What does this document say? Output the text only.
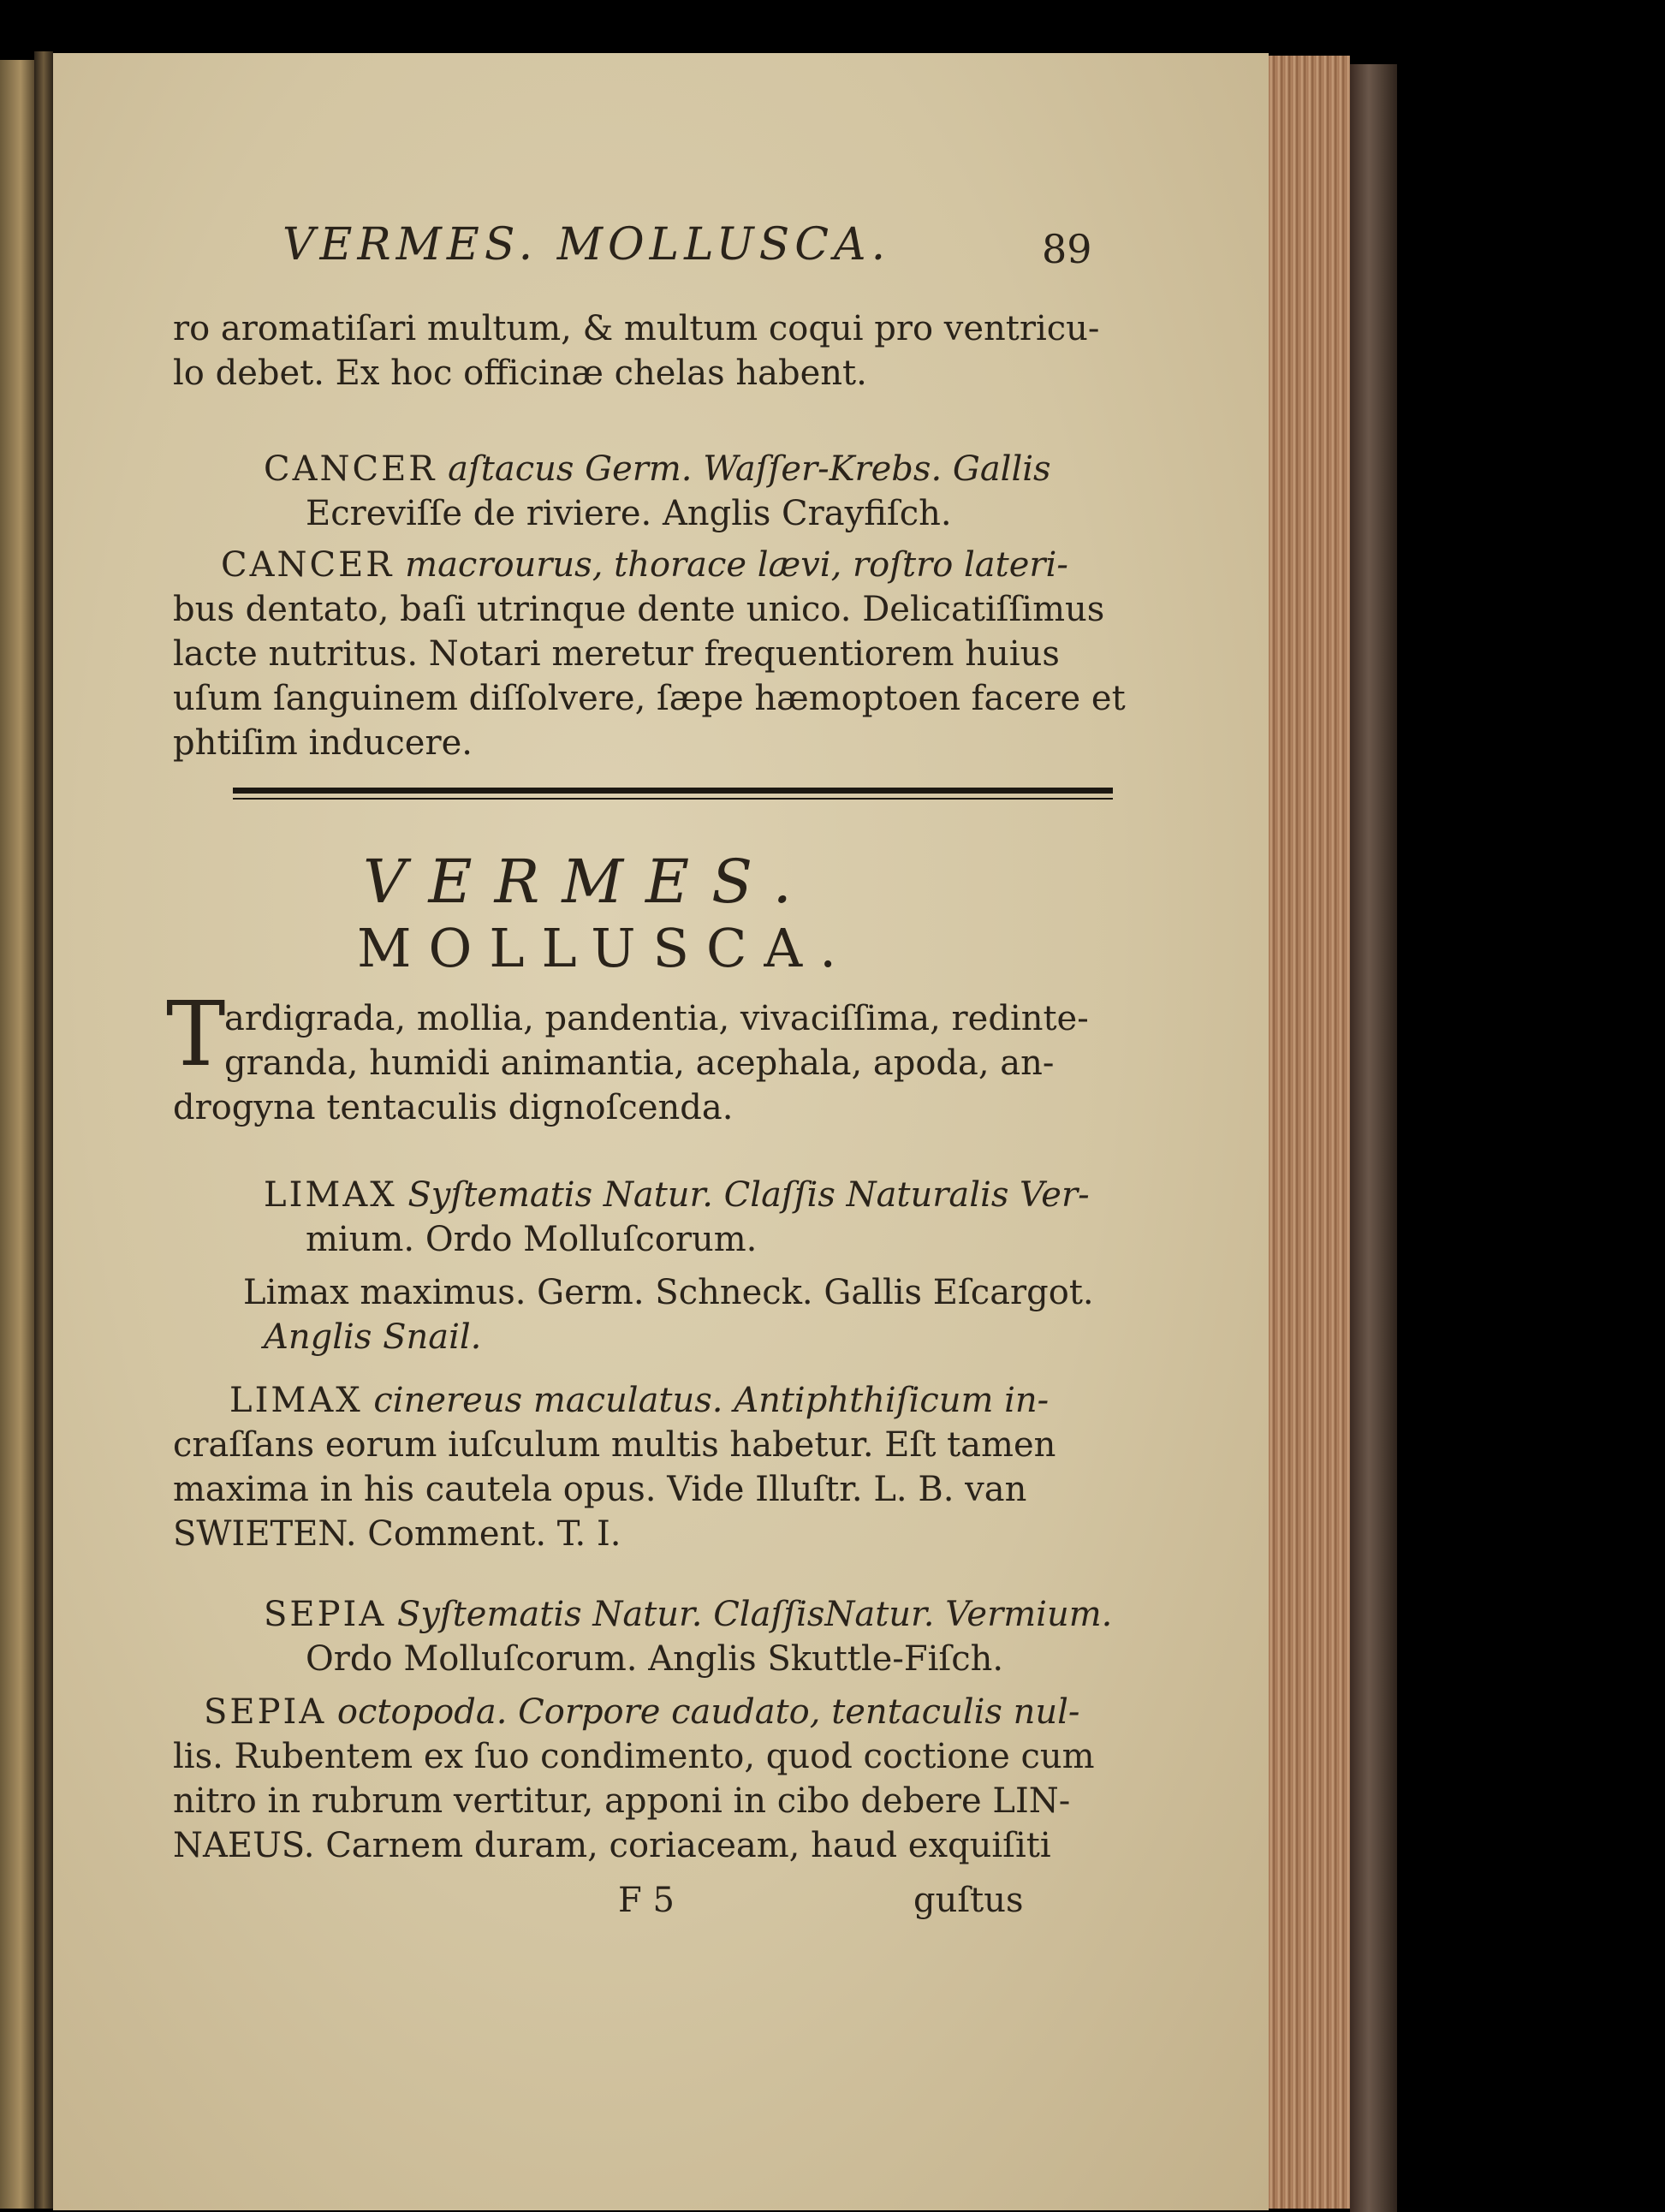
VERMES. MOLLUSCA.	89
ro aromatiſari multum, & multum coqui pro ventricu-
lo debet. Ex hoc officinæ chelas habent.
CANCER aſtacus Germ. Waſſer-Krebs. Gallis
Ecreviſſe de riviere. Anglis Crayfiſch.
CANCER macrourus, thorace lævi, roſtro lateri-
bus dentato, baſi utrinque dente unico. Delicatiſſimus
lacte nutritus. Notari meretur frequentiorem huius
uſum ſanguinem diſſolvere, ſæpe hæmoptoen facere et
phtiſim inducere.
VERMES.
MOLLUSCA.
T
ardigrada, mollia, pandentia, vivaciſſima, redinte-
granda, humidi animantia, acephala, apoda, an-
drogyna tentaculis dignoſcenda.
LIMAX Syſtematis Natur. Claſſis Naturalis Ver-
mium. Ordo Molluſcorum.
Limax maximus. Germ. Schneck. Gallis Eſcargot.
Anglis Snail.
LIMAX cinereus maculatus. Antiphthiſicum in-
craſſans eorum iuſculum multis habetur. Eſt tamen
maxima in his cautela opus. Vide Illuſtr. L. B. van
SWIETEN. Comment. T. I.
SEPIA Syſtematis Natur. ClaſſisNatur. Vermium.
Ordo Molluſcorum. Anglis Skuttle-Fiſch.
SEPIA octopoda. Corpore caudato, tentaculis nul-
lis. Rubentem ex ſuo condimento, quod coctione cum
nitro in rubrum vertitur, apponi in cibo debere LIN-
NAEUS. Carnem duram, coriaceam, haud exquiſiti
F 5	guſtus
